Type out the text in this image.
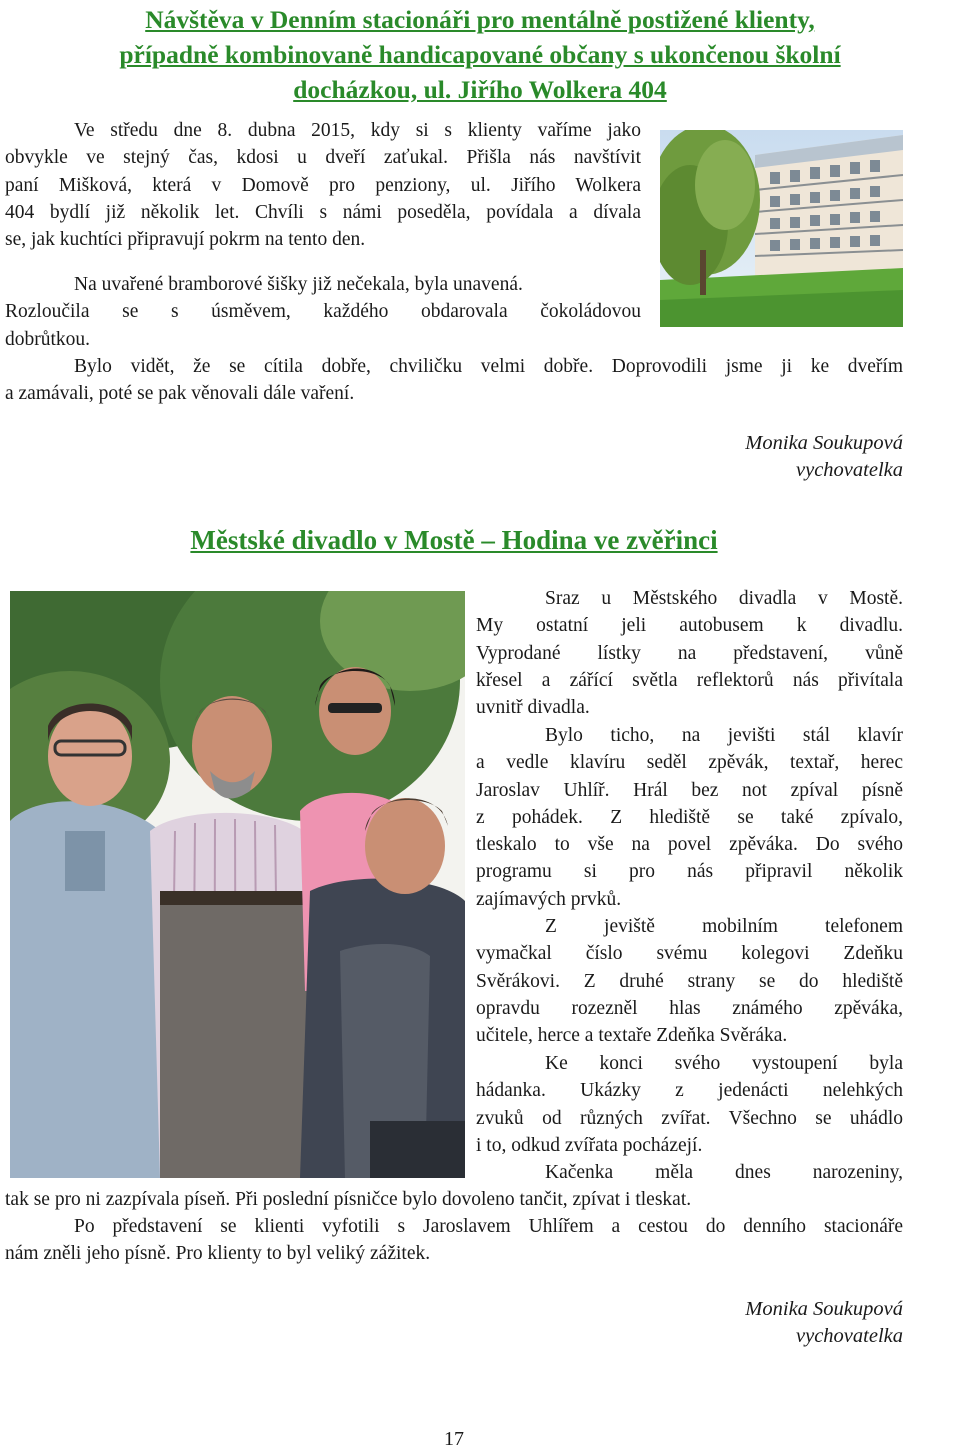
Návštěva v Denním stacionáři pro mentálně postižené klienty,
případně kombinovaně handicapované občany s ukončenou školní
docházkou, ul. Jiřího Wolkera 404
Ve středu dne 8. dubna 2015, kdy si s klienty vaříme jako
obvykle ve stejný čas, kdosi u dveří zaťukal. Přišla nás navštívit
paní Mišková, která v Domově pro penziony, ul. Jiřího Wolkera
404 bydlí již několik let. Chvíli s námi poseděla, povídala a dívala
se, jak kuchtíci připravují pokrm na tento den.
Na uvařené bramborové šišky již nečekala, byla unavená.
Rozloučila se s úsměvem, každého obdarovala čokoládovou
dobrůtkou.
Bylo vidět, že se cítila dobře, chviličku velmi dobře. Doprovodili jsme ji ke dveřím
a zamávali, poté se pak věnovali dále vaření.
Monika Soukupová
vychovatelka
Městské divadlo v Mostě – Hodina ve zvěřinci
Sraz u Městského divadla v Mostě.
My ostatní jeli autobusem k divadlu.
Vyprodané lístky na představení, vůně
křesel a zářící světla reflektorů nás přivítala
uvnitř divadla.
Bylo ticho, na jevišti stál klavír
a vedle klavíru seděl zpěvák, textař, herec
Jaroslav Uhlíř. Hrál bez not zpíval písně
z pohádek. Z hlediště se také zpívalo,
tleskalo to vše na povel zpěváka. Do svého
programu si pro nás připravil několik
zajímavých prvků.
Z jeviště mobilním telefonem
vymačkal číslo svému kolegovi Zdeňku
Svěrákovi. Z druhé strany se do hlediště
opravdu rozezněl hlas známého zpěváka,
učitele, herce a textaře Zdeňka Svěráka.
Ke konci svého vystoupení byla
hádanka. Ukázky z jedenácti nelehkých
zvuků od různých zvířat. Všechno se uhádlo
i to, odkud zvířata pocházejí.
Kačenka měla dnes narozeniny,
tak se pro ni zazpívala píseň. Při poslední písničce bylo dovoleno tančit, zpívat i tleskat.
Po představení se klienti vyfotili s Jaroslavem Uhlířem a cestou do denního stacionáře
nám zněli jeho písně. Pro klienty to byl veliký zážitek.
Monika Soukupová
vychovatelka
17
